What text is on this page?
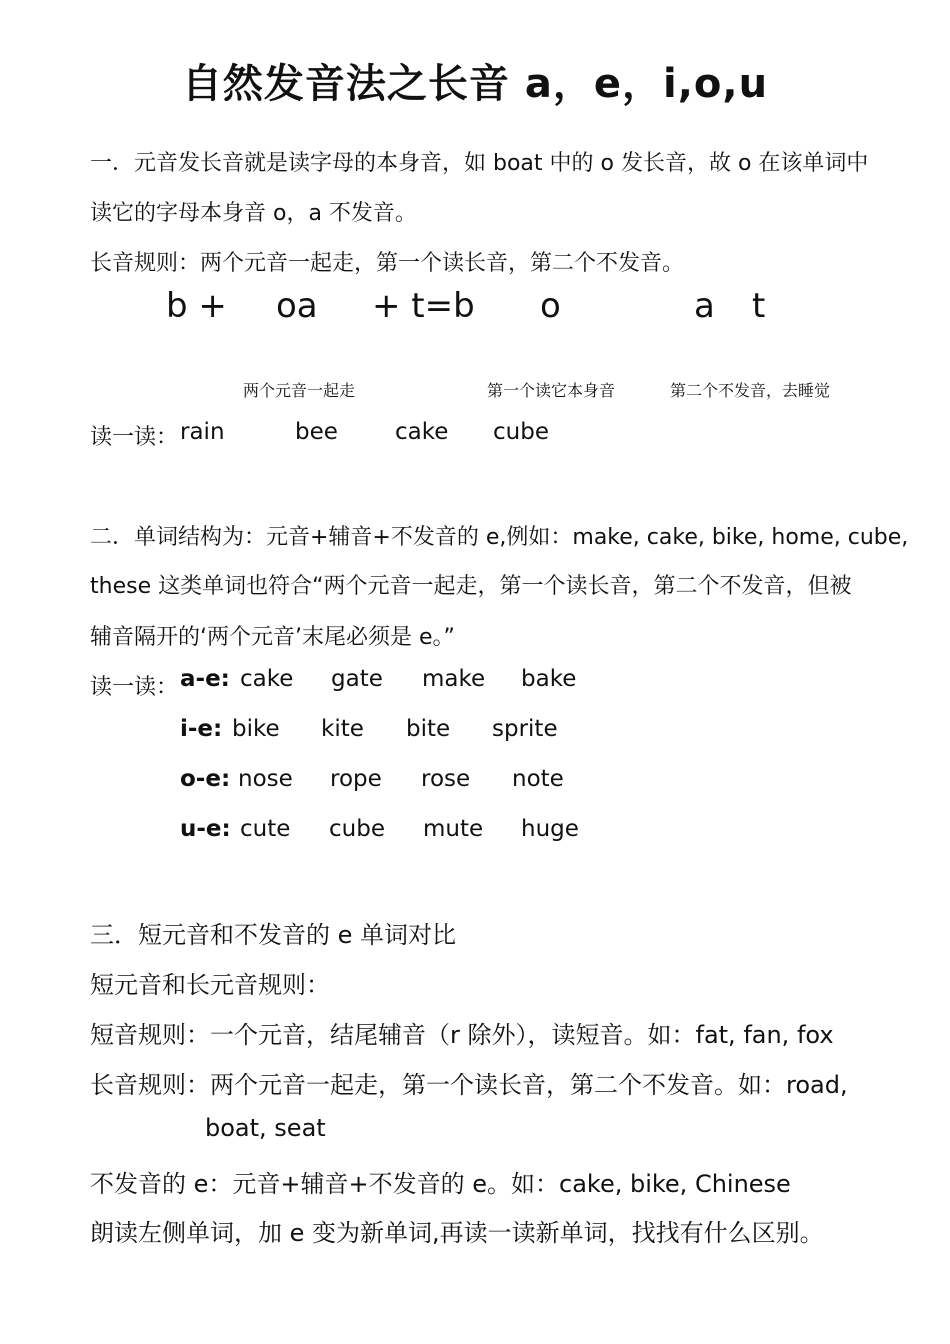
自然发音法之长音 a，e，i,o,u
一．元音发长音就是读字母的本身音，如 boat 中的 o 发长音，故 o 在该单词中
读它的字母本身音 o，a 不发音。
长音规则：两个元音一起走，第一个读长音，第二个不发音。
b + oa + t=b o	a t
两个元音一起走	第一个读它本身音	第二个不发音，去睡觉
读一读： rain	bee cake cube
二．单词结构为：元音+辅音+不发音的 e,例如：make, cake, bike, home, cube,
these 这类单词也符合“两个元音一起走，第一个读长音，第二个不发音，但被
辅音隔开的‘两个元音’末尾必须是 e。”
读一读： a-e: cake gate make bake
i-e: bike kite bite sprite
o-e: nose rope rose note
u-e: cute cube mute huge
三．短元音和不发音的 e 单词对比
短元音和长元音规则：
短音规则：一个元音，结尾辅音（r 除外），读短音。如：fat, fan, fox
长音规则：两个元音一起走，第一个读长音，第二个不发音。如：road,
boat, seat
不发音的 e：元音+辅音+不发音的 e。如：cake, bike, Chinese
朗读左侧单词，加 e 变为新单词,再读一读新单词，找找有什么区别。
